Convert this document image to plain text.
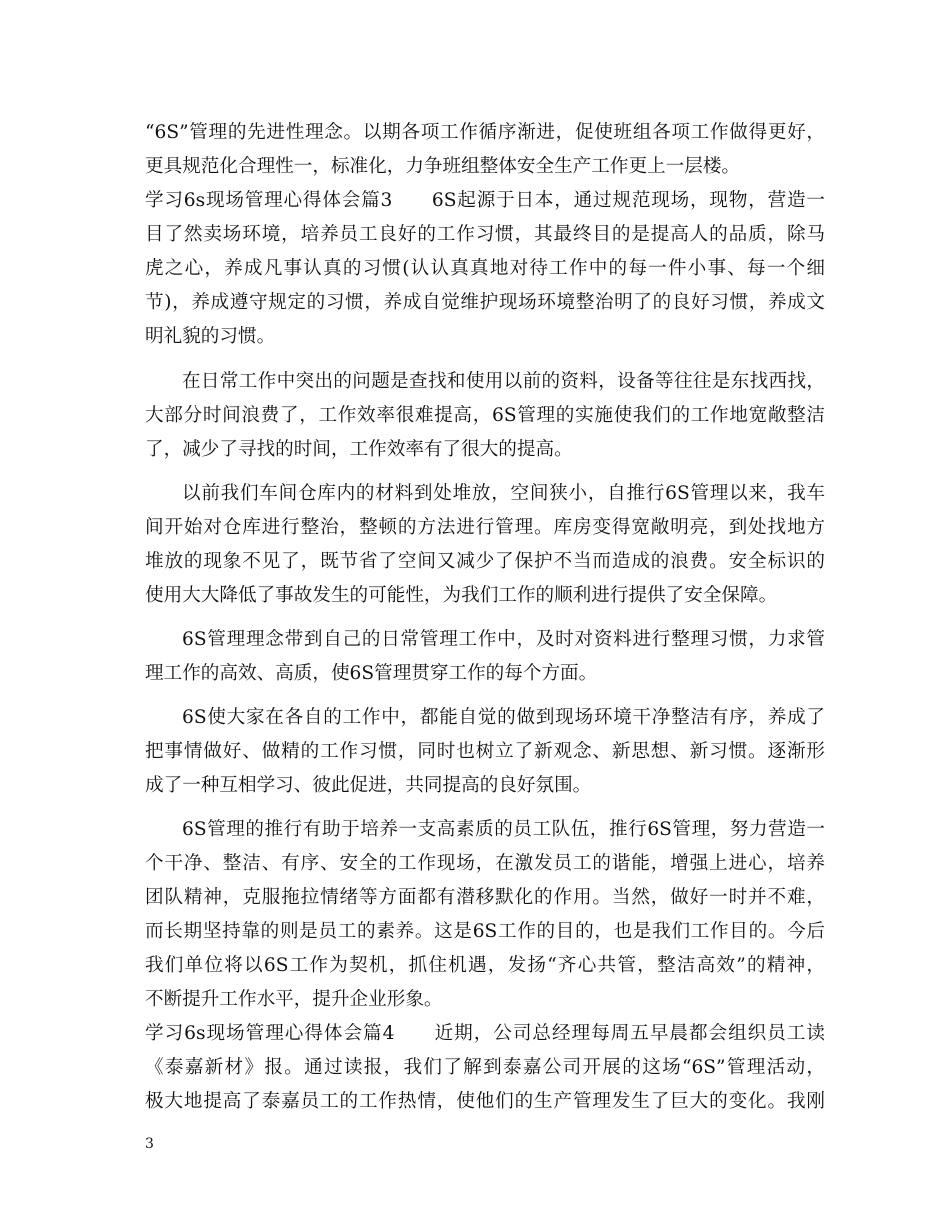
“6S”管理的先进性理念。以期各项工作循序渐进，促使班组各项工作做得更好，
更具规范化合理性一，标准化，力争班组整体安全生产工作更上一层楼。
学习6s现场管理心得体会篇3　　6S起源于日本，通过规范现场，现物，营造一
目了然卖场环境，培养员工良好的工作习惯，其最终目的是提高人的品质，除马
虎之心，养成凡事认真的习惯(认认真真地对待工作中的每一件小事、每一个细
节)，养成遵守规定的习惯，养成自觉维护现场环境整治明了的良好习惯，养成文
明礼貌的习惯。
在日常工作中突出的问题是查找和使用以前的资料，设备等往往是东找西找，
大部分时间浪费了，工作效率很难提高，6S管理的实施使我们的工作地宽敞整洁
了，减少了寻找的时间，工作效率有了很大的提高。
以前我们车间仓库内的材料到处堆放，空间狭小，自推行6S管理以来，我车
间开始对仓库进行整治，整顿的方法进行管理。库房变得宽敞明亮，到处找地方
堆放的现象不见了，既节省了空间又减少了保护不当而造成的浪费。安全标识的
使用大大降低了事故发生的可能性，为我们工作的顺利进行提供了安全保障。
6S管理理念带到自己的日常管理工作中，及时对资料进行整理习惯，力求管
理工作的高效、高质，使6S管理贯穿工作的每个方面。
6S使大家在各自的工作中，都能自觉的做到现场环境干净整洁有序，养成了
把事情做好、做精的工作习惯，同时也树立了新观念、新思想、新习惯。逐渐形
成了一种互相学习、彼此促进，共同提高的良好氛围。
6S管理的推行有助于培养一支高素质的员工队伍，推行6S管理，努力营造一
个干净、整洁、有序、安全的工作现场，在激发员工的谐能，增强上进心，培养
团队精神，克服拖拉情绪等方面都有潜移默化的作用。当然，做好一时并不难，
而长期坚持靠的则是员工的素养。这是6S工作的目的，也是我们工作目的。今后
我们单位将以6S工作为契机，抓住机遇，发扬“齐心共管，整洁高效”的精神，
不断提升工作水平，提升企业形象。
学习6s现场管理心得体会篇4　　近期，公司总经理每周五早晨都会组织员工读
《泰嘉新材》报。通过读报，我们了解到泰嘉公司开展的这场“6S”管理活动，
极大地提高了泰嘉员工的工作热情，使他们的生产管理发生了巨大的变化。我刚
3
